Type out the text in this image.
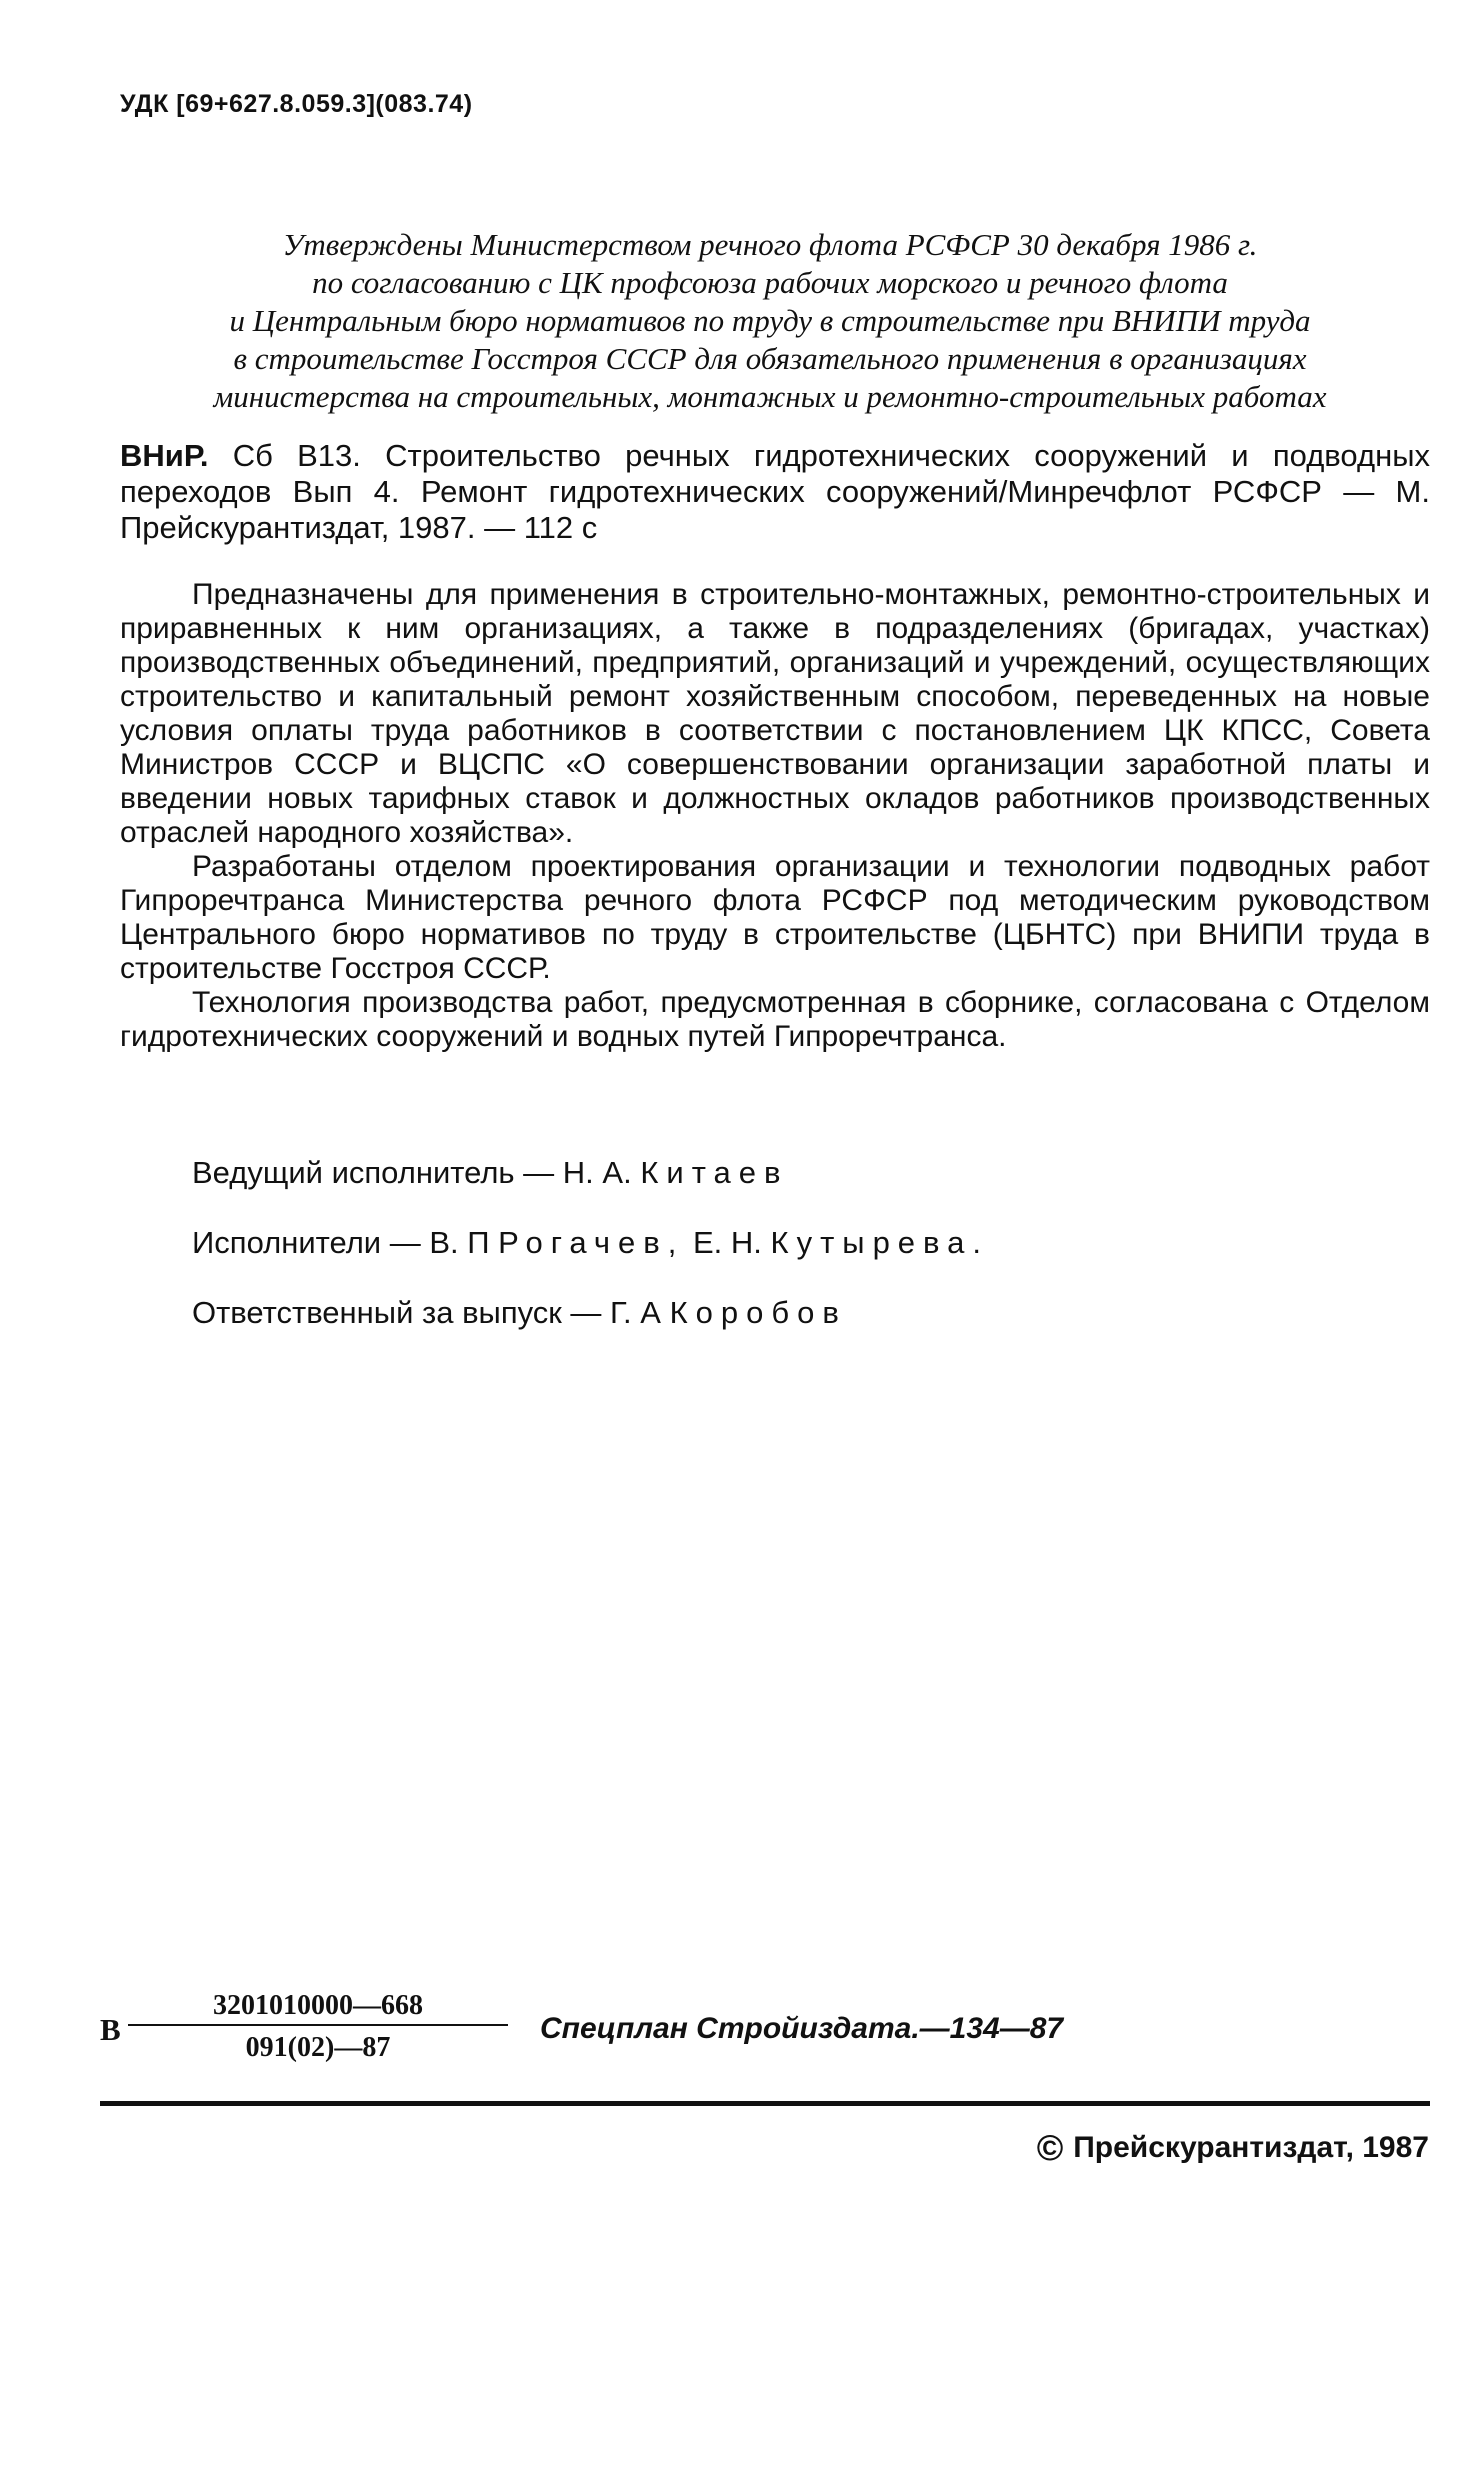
УДК [69+627.8.059.3](083.74)
Утверждены Министерством речного флота РСФСР 30 декабря 1986 г.
по согласованию с ЦК профсоюза рабочих морского и речного флота
и Центральным бюро нормативов по труду в строительстве при ВНИПИ труда
в строительстве Госстроя СССР для обязательного применения в организациях
министерства на строительных, монтажных и ремонтно-строительных работах
ВНиР. Сб В13. Строительство речных гидротехнических сооружений и подводных переходов Вып 4. Ремонт гидротехнических сооружений/Минречфлот РСФСР — М. Прейскурантиздат, 1987. — 112 с

Предназначены для применения в строительно-монтажных, ремонтно-строительных и приравненных к ним организациях, а также в подразделениях (бригадах, участках) производственных объединений, предприятий, организаций и учреждений, осуществляющих строительство и капитальный ремонт хозяйственным способом, переведенных на новые условия оплаты труда работников в соответствии с постановлением ЦК КПСС, Совета Министров СССР и ВЦСПС «О совершенствовании организации заработной платы и введении новых тарифных ставок и должностных окладов работников производственных отраслей народного хозяйства».

Разработаны отделом проектирования организации и технологии подводных работ Гипроречтранса Министерства речного флота РСФСР под методическим руководством Центрального бюро нормативов по труду в строительстве (ЦБНТС) при ВНИПИ труда в строительстве Госстроя СССР.

Технология производства работ, предусмотренная в сборнике, согласована с Отделом гидротехнических сооружений и водных путей Гипроречтранса.

Ведущий исполнитель — Н. А. Китаев
Исполнители — В. П Рогачев, Е. Н. Кутырева.
Ответственный за выпуск — Г. А Коробов
В $\frac{3201010000—668}{091(02)—87}$ Спецплан Стройиздата.—134—87
© Прейскурантиздат, 1987
